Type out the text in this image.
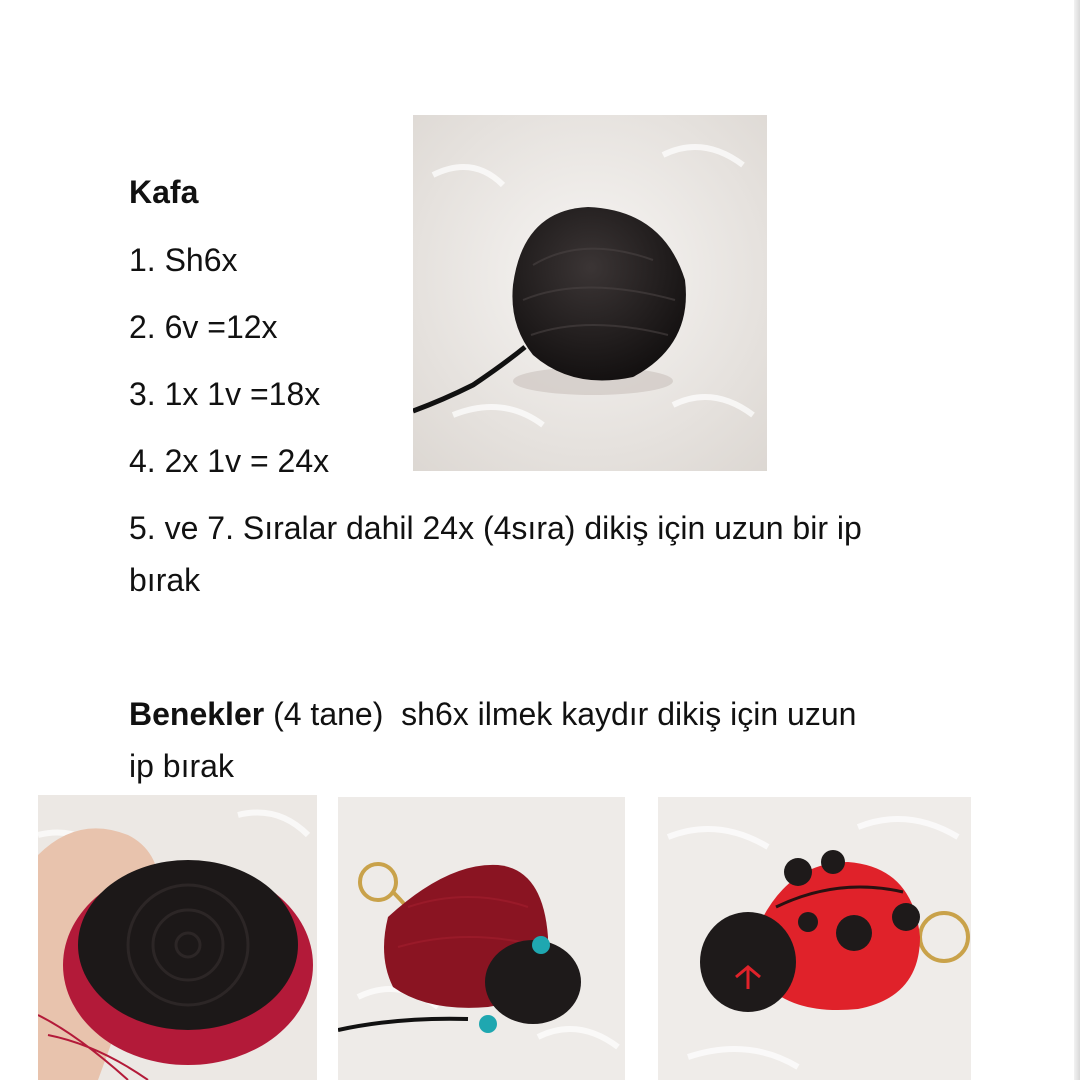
Kafa
1. Sh6x
2. 6v =12x
3. 1x 1v =18x
4. 2x 1v = 24x
5. ve 7. Sıralar dahil 24x (4sıra) dikiş için uzun bir ip
bırak
Benekler (4 tane) sh6x ilmek kaydır dikiş için uzun
ip bırak
